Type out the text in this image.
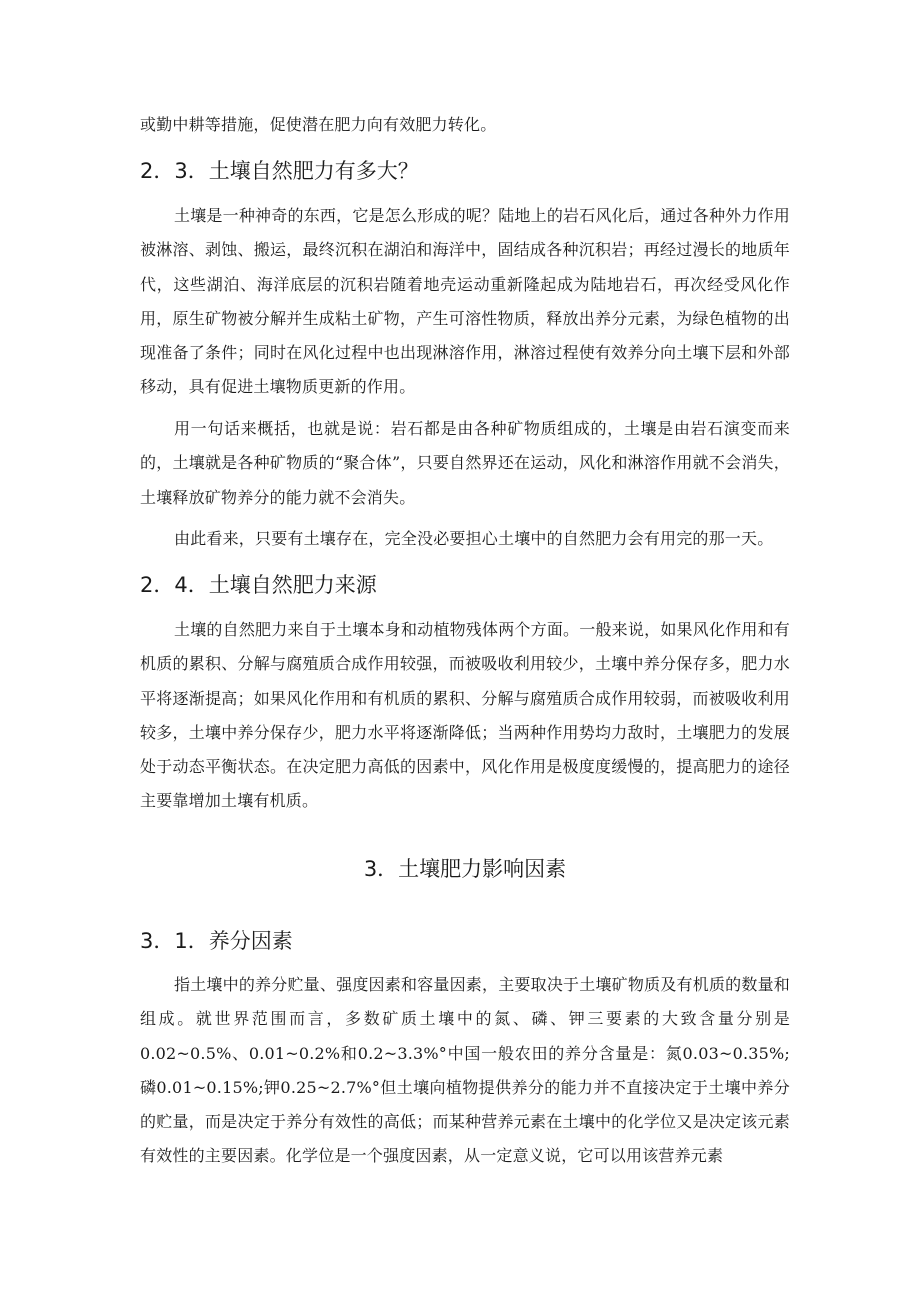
或勤中耕等措施，促使潜在肥力向有效肥力转化。

2．3．土壤自然肥力有多大？

土壤是一种神奇的东西，它是怎么形成的呢？陆地上的岩石风化后，通过各种外力作用被淋溶、剥蚀、搬运，最终沉积在湖泊和海洋中，固结成各种沉积岩；再经过漫长的地质年代，这些湖泊、海洋底层的沉积岩随着地壳运动重新隆起成为陆地岩石，再次经受风化作用，原生矿物被分解并生成粘土矿物，产生可溶性物质，释放出养分元素，为绿色植物的出现准备了条件；同时在风化过程中也出现淋溶作用，淋溶过程使有效养分向土壤下层和外部移动，具有促进土壤物质更新的作用。

用一句话来概括，也就是说：岩石都是由各种矿物质组成的，土壤是由岩石演变而来的，土壤就是各种矿物质的“聚合体”，只要自然界还在运动，风化和淋溶作用就不会消失，土壤释放矿物养分的能力就不会消失。

由此看来，只要有土壤存在，完全没必要担心土壤中的自然肥力会有用完的那一天。

2．4．土壤自然肥力来源

土壤的自然肥力来自于土壤本身和动植物残体两个方面。一般来说，如果风化作用和有机质的累积、分解与腐殖质合成作用较强，而被吸收利用较少，土壤中养分保存多，肥力水平将逐渐提高；如果风化作用和有机质的累积、分解与腐殖质合成作用较弱，而被吸收利用较多，土壤中养分保存少，肥力水平将逐渐降低；当两种作用势均力敌时，土壤肥力的发展处于动态平衡状态。在决定肥力高低的因素中，风化作用是极度度缓慢的，提高肥力的途径主要靠增加土壤有机质。

3．土壤肥力影响因素
3．1．养分因素

指土壤中的养分贮量、强度因素和容量因素，主要取决于土壤矿物质及有机质的数量和组成。就世界范围而言，多数矿质土壤中的氮、磷、钾三要素的大致含量分别是0.02~0.5%、0.01~0.2%和0.2~3.3%°中国一般农田的养分含量是：氮0.03~0.35%;磷0.01~0.15%;钾0.25~2.7%°但土壤向植物提供养分的能力并不直接决定于土壤中养分的贮量，而是决定于养分有效性的高低；而某种营养元素在土壤中的化学位又是决定该元素有效性的主要因素。化学位是一个强度因素，从一定意义说，它可以用该营养元素
